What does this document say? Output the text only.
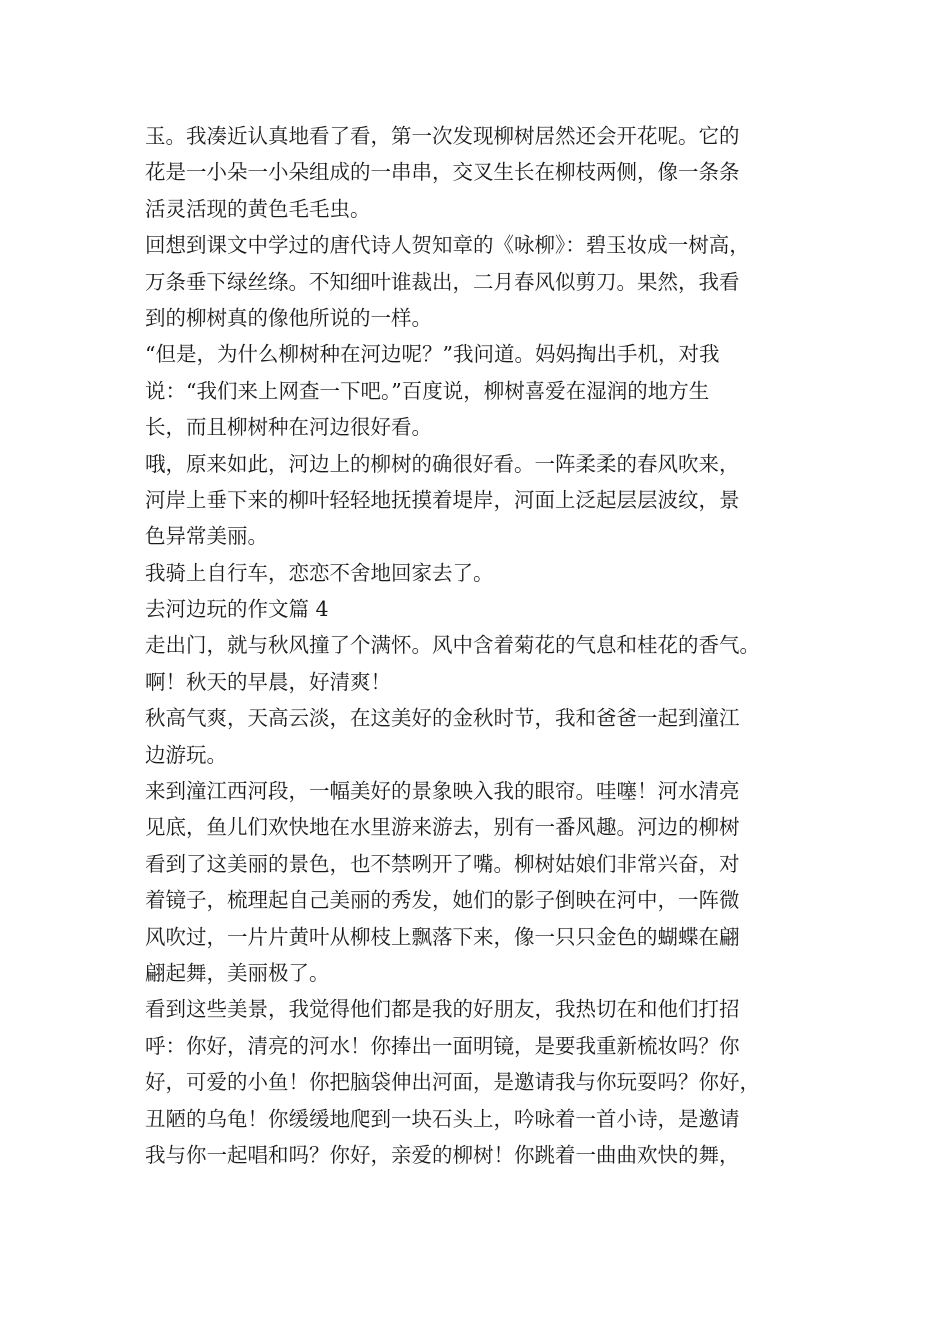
玉。我凑近认真地看了看，第一次发现柳树居然还会开花呢。它的
花是一小朵一小朵组成的一串串，交叉生长在柳枝两侧，像一条条
活灵活现的黄色毛毛虫。
回想到课文中学过的唐代诗人贺知章的《咏柳》：碧玉妆成一树高，
万条垂下绿丝绦。不知细叶谁裁出，二月春风似剪刀。果然，我看
到的柳树真的像他所说的一样。
“但是，为什么柳树种在河边呢？”我问道。妈妈掏出手机，对我
说：“我们来上网查一下吧。”百度说，柳树喜爱在湿润的地方生
长，而且柳树种在河边很好看。
哦，原来如此，河边上的柳树的确很好看。一阵柔柔的春风吹来，
河岸上垂下来的柳叶轻轻地抚摸着堤岸，河面上泛起层层波纹，景
色异常美丽。
我骑上自行车，恋恋不舍地回家去了。
去河边玩的作文篇 4
走出门，就与秋风撞了个满怀。风中含着菊花的气息和桂花的香气。
啊！秋天的早晨，好清爽！
秋高气爽，天高云淡，在这美好的金秋时节，我和爸爸一起到潼江
边游玩。
来到潼江西河段，一幅美好的景象映入我的眼帘。哇噻！河水清亮
见底，鱼儿们欢快地在水里游来游去，别有一番风趣。河边的柳树
看到了这美丽的景色，也不禁咧开了嘴。柳树姑娘们非常兴奋，对
着镜子，梳理起自己美丽的秀发，她们的影子倒映在河中，一阵微
风吹过，一片片黄叶从柳枝上飘落下来，像一只只金色的蝴蝶在翩
翩起舞，美丽极了。
看到这些美景，我觉得他们都是我的好朋友，我热切在和他们打招
呼：你好，清亮的河水！你捧出一面明镜，是要我重新梳妆吗？你
好，可爱的小鱼！你把脑袋伸出河面，是邀请我与你玩耍吗？你好，
丑陋的乌龟！你缓缓地爬到一块石头上，吟咏着一首小诗，是邀请
我与你一起唱和吗？你好，亲爱的柳树！你跳着一曲曲欢快的舞，
